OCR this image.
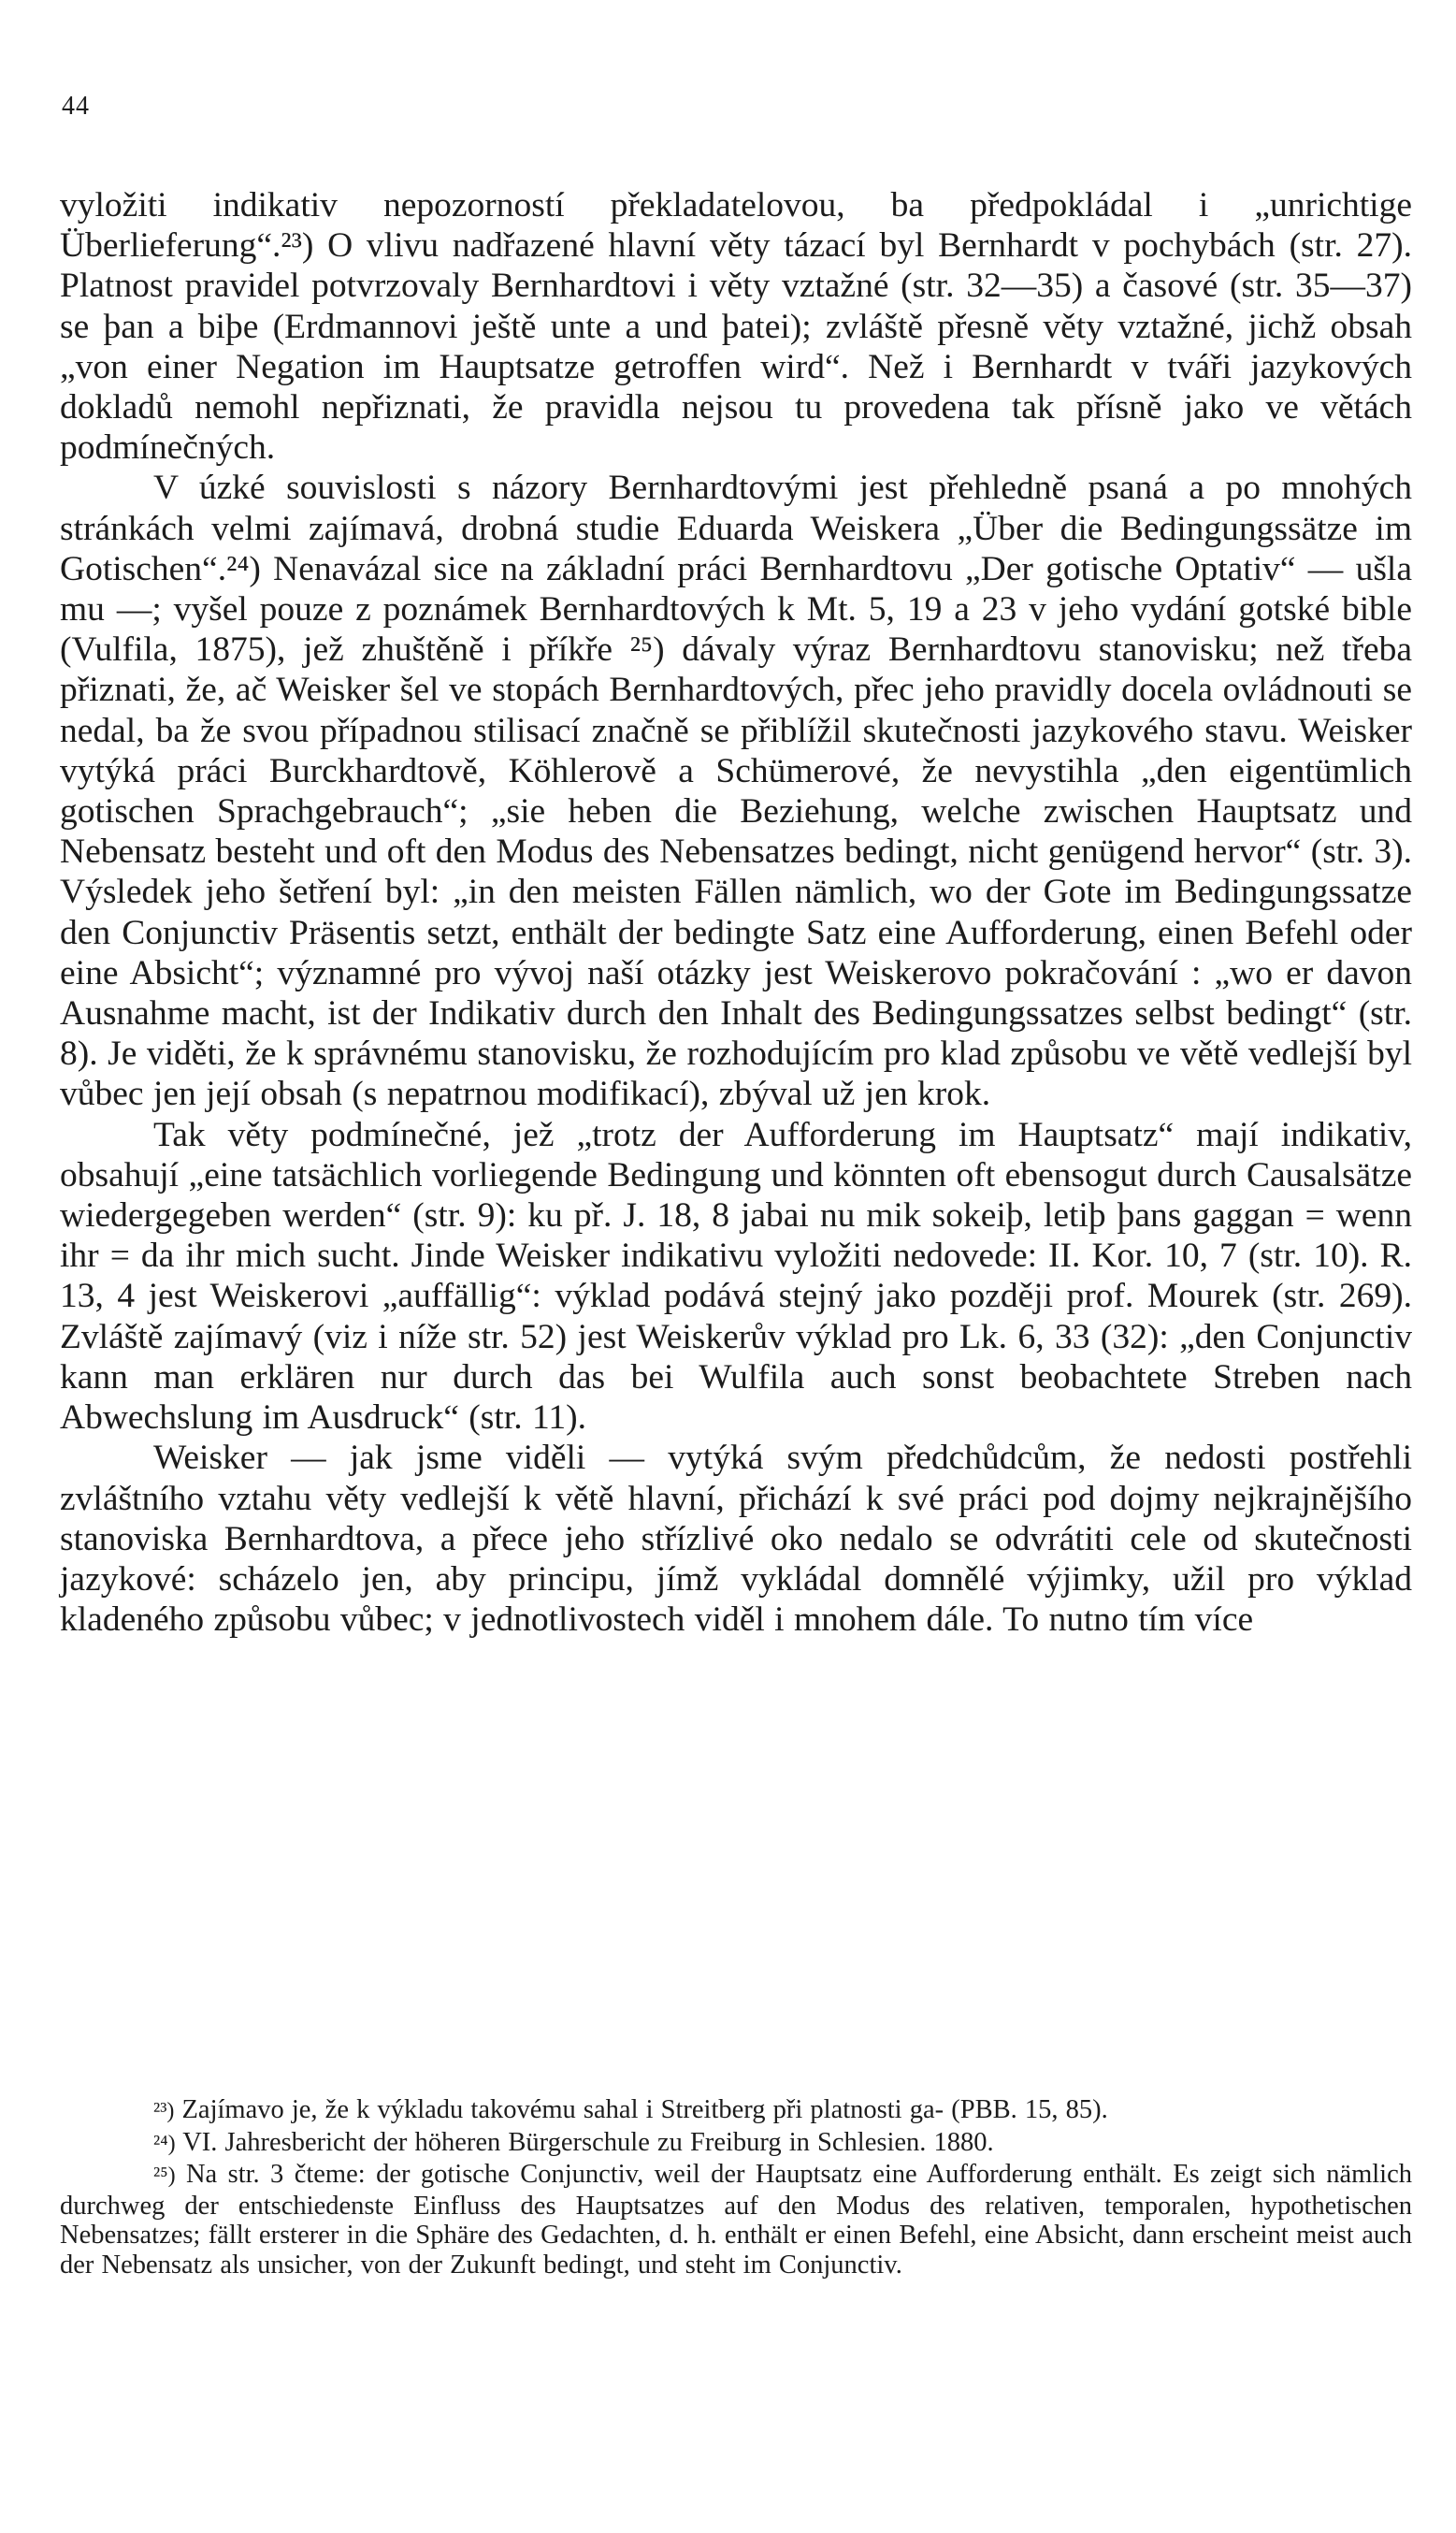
44

vyložiti indikativ nepozorností překladatelovou, ba předpokládal i „unrichtige Überlieferung“.²³) O vlivu nadřazené hlavní věty tázací byl Bernhardt v pochybách (str. 27). Platnost pravidel potvrzovaly Bernhardtovi i věty vztažné (str. 32—35) a časové (str. 35—37) se þan a biþe (Erdmannovi ještě unte a und þatei); zvláště přesně věty vztažné, jichž obsah „von einer Negation im Hauptsatze getroffen wird“. Než i Bernhardt v tváři jazykových dokladů nemohl nepřiznati, že pravidla nejsou tu provedena tak přísně jako ve větách podmínečných.

V úzké souvislosti s názory Bernhardtovými jest přehledně psaná a po mnohých stránkách velmi zajímavá, drobná studie Eduarda Weiskera „Über die Bedingungssätze im Gotischen“.²⁴) Nenavázal sice na základní práci Bernhardtovu „Der gotische Optativ“ — ušla mu —; vyšel pouze z poznámek Bernhardtových k Mt. 5, 19 a 23 v jeho vydání gotské bible (Vulfila, 1875), jež zhuštěně i příkře ²⁵) dávaly výraz Bernhardtovu stanovisku; než třeba přiznati, že, ač Weisker šel ve stopách Bernhardtových, přec jeho pravidly docela ovládnouti se nedal, ba že svou případnou stilisací značně se přiblížil skutečnosti jazykového stavu. Weisker vytýká práci Burckhardtově, Köhlerově a Schümerové, že nevystihla „den eigentümlich gotischen Sprachgebrauch“; „sie heben die Beziehung, welche zwischen Hauptsatz und Nebensatz besteht und oft den Modus des Nebensatzes bedingt, nicht genügend hervor“ (str. 3). Výsledek jeho šetření byl: „in den meisten Fällen nämlich, wo der Gote im Bedingungssatze den Conjunctiv Präsentis setzt, enthält der bedingte Satz eine Aufforderung, einen Befehl oder eine Absicht“; významné pro vývoj naší otázky jest Weiskerovo pokračování : „wo er davon Ausnahme macht, ist der Indikativ durch den Inhalt des Bedingungssatzes selbst bedingt“ (str. 8). Je viděti, že k správnému stanovisku, že rozhodujícím pro klad způsobu ve větě vedlejší byl vůbec jen její obsah (s nepatrnou modifikací), zbýval už jen krok.

Tak věty podmínečné, jež „trotz der Aufforderung im Hauptsatz“ mají indikativ, obsahují „eine tatsächlich vorliegende Bedingung und könnten oft ebensogut durch Causalsätze wiedergegeben werden“ (str. 9): ku př. J. 18, 8 jabai nu mik sokeiþ, letiþ þans gaggan = wenn ihr = da ihr mich sucht. Jinde Weisker indikativu vyložiti nedovede: II. Kor. 10, 7 (str. 10). R. 13, 4 jest Weiskerovi „auffällig“: výklad podává stejný jako později prof. Mourek (str. 269). Zvláště zajímavý (viz i níže str. 52) jest Weiskerův výklad pro Lk. 6, 33 (32): „den Conjunctiv kann man erklären nur durch das bei Wulfila auch sonst beobachtete Streben nach Abwechslung im Ausdruck“ (str. 11).

Weisker — jak jsme viděli — vytýká svým předchůdcům, že nedosti postřehli zvláštního vztahu věty vedlejší k větě hlavní, přichází k své práci pod dojmy nejkrajnějšího stanoviska Bernhardtova, a přece jeho střízlivé oko nedalo se odvrátiti cele od skutečnosti jazykové: scházelo jen, aby principu, jímž vykládal domnělé výjimky, užil pro výklad kladeného způsobu vůbec; v jednotlivostech viděl i mnohem dále. To nutno tím více

²³) Zajímavo je, že k výkladu takovému sahal i Streitberg při platnosti ga- (PBB. 15, 85).

²⁴) VI. Jahresbericht der höheren Bürgerschule zu Freiburg in Schlesien. 1880.

²⁵) Na str. 3 čteme: der gotische Conjunctiv, weil der Hauptsatz eine Aufforderung enthält. Es zeigt sich nämlich durchweg der entschiedenste Einfluss des Hauptsatzes auf den Modus des relativen, temporalen, hypothetischen Nebensatzes; fällt ersterer in die Sphäre des Gedachten, d. h. enthält er einen Befehl, eine Absicht, dann erscheint meist auch der Nebensatz als unsicher, von der Zukunft bedingt, und steht im Conjunctiv.
